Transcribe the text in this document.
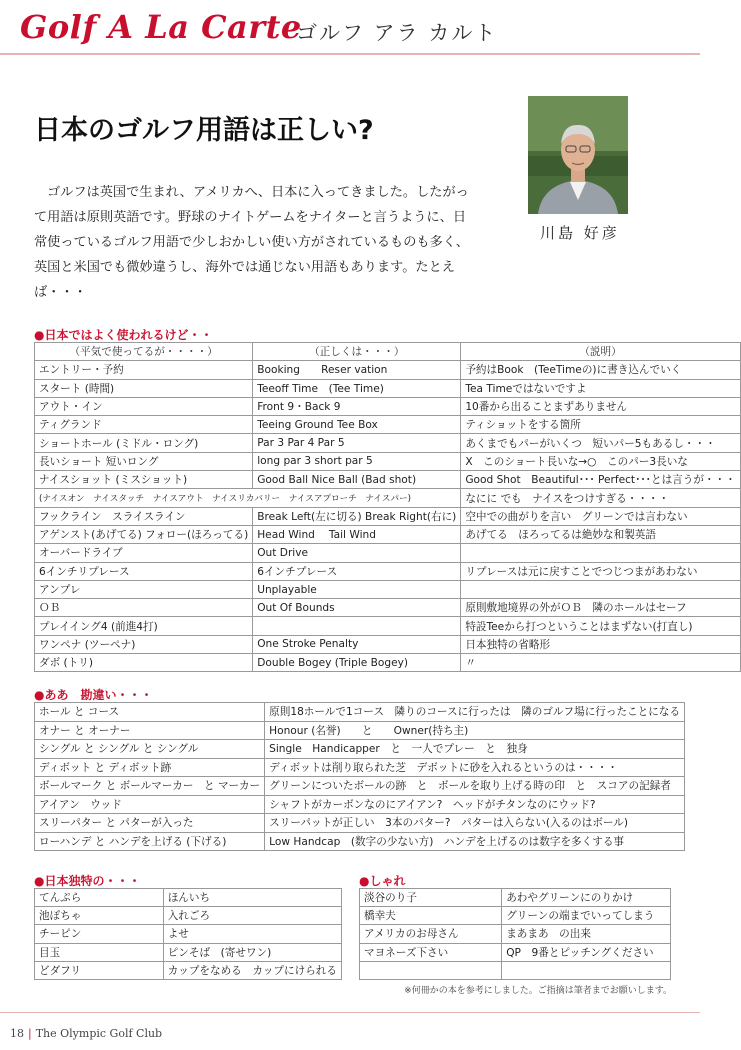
Golf A La Carte
ゴルフ アラ カルト
日本のゴルフ用語は正しい?
ゴルフは英国で生まれ、アメリカへ、日本に入ってきました。したがって用語は原則英語です。野球のナイトゲームをナイターと言うように、日常使っているゴルフ用語で少しおかしい使い方がされているものも多く、英国と米国でも微妙違うし、海外では通じない用語もあります。たとえば・・・
川島 好彦
●日本ではよく使われるけど・・
（平気で使ってるが・・・・）	（正しくは・・・）	（説明）
エントリー・予約	Booking　　Reser vation	予約はBook　(TeeTimeの)に書き込んでいく
スタート (時間)	Teeoff Time　(Tee Time)	Tea Timeではないですよ
アウト・イン	Front 9・Back 9	10番から出ることまずありません
ティグランド	Teeing Ground Tee Box	ティショットをする箇所
ショートホール (ミドル・ロング)	Par 3 Par 4 Par 5	あくまでもパーがいくつ　短いパー5もあるし・・・
長いショート 短いロング	long par 3 short par 5	X　このショート長いな→○　このパー3長いな
ナイスショット (ミスショット)	Good Ball Nice Ball (Bad shot)	Good Shot　Beautiful･･･ Perfect･･･とは言うが・・・
(ナイスオン　ナイスタッチ　ナイスアウト　ナイスリカバリー　ナイスアプローチ　ナイスパー)		なにに でも　ナイスをつけすぎる・・・・
フックライン　スライスライン	Break Left(左に切る) Break Right(右に)	空中での曲がりを言い　グリーンでは言わない
アゲンスト(あげてる) フォロー(ほろってる)	Head Wind　 Tail Wind	あげてる　ほろってるは絶妙な和製英語
オーバードライブ	Out Drive	
6インチリプレース	6インチプレース	リプレースは元に戻すことでつじつまがあわない
アンプレ	Unplayable	
ＯＢ	Out Of Bounds	原則敷地境界の外がＯＢ　隣のホールはセーフ
プレイイング4 (前進4打)		特設Teeから打つということはまずない(打直し)
ワンペナ (ツーペナ)	One Stroke Penalty	日本独特の省略形
ダボ (トリ)	Double Bogey (Triple Bogey)	〃
●ああ　勘違い・・・
ホール と コース	原則18ホールで1コース　隣りのコースに行ったは　隣のゴルフ場に行ったことになる
オナー と オーナー	Honour (名誉)　　と　　Owner(持ち主)
シングル と シングル と シングル	Single　Handicapper　と　一人でプレー　と　独身
ディボット と ディボット跡	ディボットは削り取られた芝　デボットに砂を入れるというのは・・・・
ボールマーク と ボールマーカー　と マーカー	グリーンについたボールの跡　と　ボールを取り上げる時の印　と　スコアの記録者
アイアン　ウッド	シャフトがカーボンなのにアイアン?　ヘッドがチタンなのにウッド?
スリーパター と パターが入った	スリーパットが正しい　3本のパター?　パターは入らない(入るのはボール)
ローハンデ と ハンデを上げる (下げる)	Low Handcap　(数字の少ない方)　ハンデを上げるのは数字を多くする事
●日本独特の・・・
てんぷら	ほんいち
池ぽちゃ	入れごろ
チーピン	よせ
目玉	ピンそば　(寄せワン)
どダフリ	カップをなめる　カップにけられる
●しゃれ
淡谷のり子	あわやグリーンにのりかけ
橋幸夫	グリーンの端までいってしまう
アメリカのお母さん	まあまあ　の出来
マヨネーズ下さい	QP　9番とピッチングください

※何冊かの本を参考にしました。ご指摘は筆者までお願いします。
18 | The Olympic Golf Club
